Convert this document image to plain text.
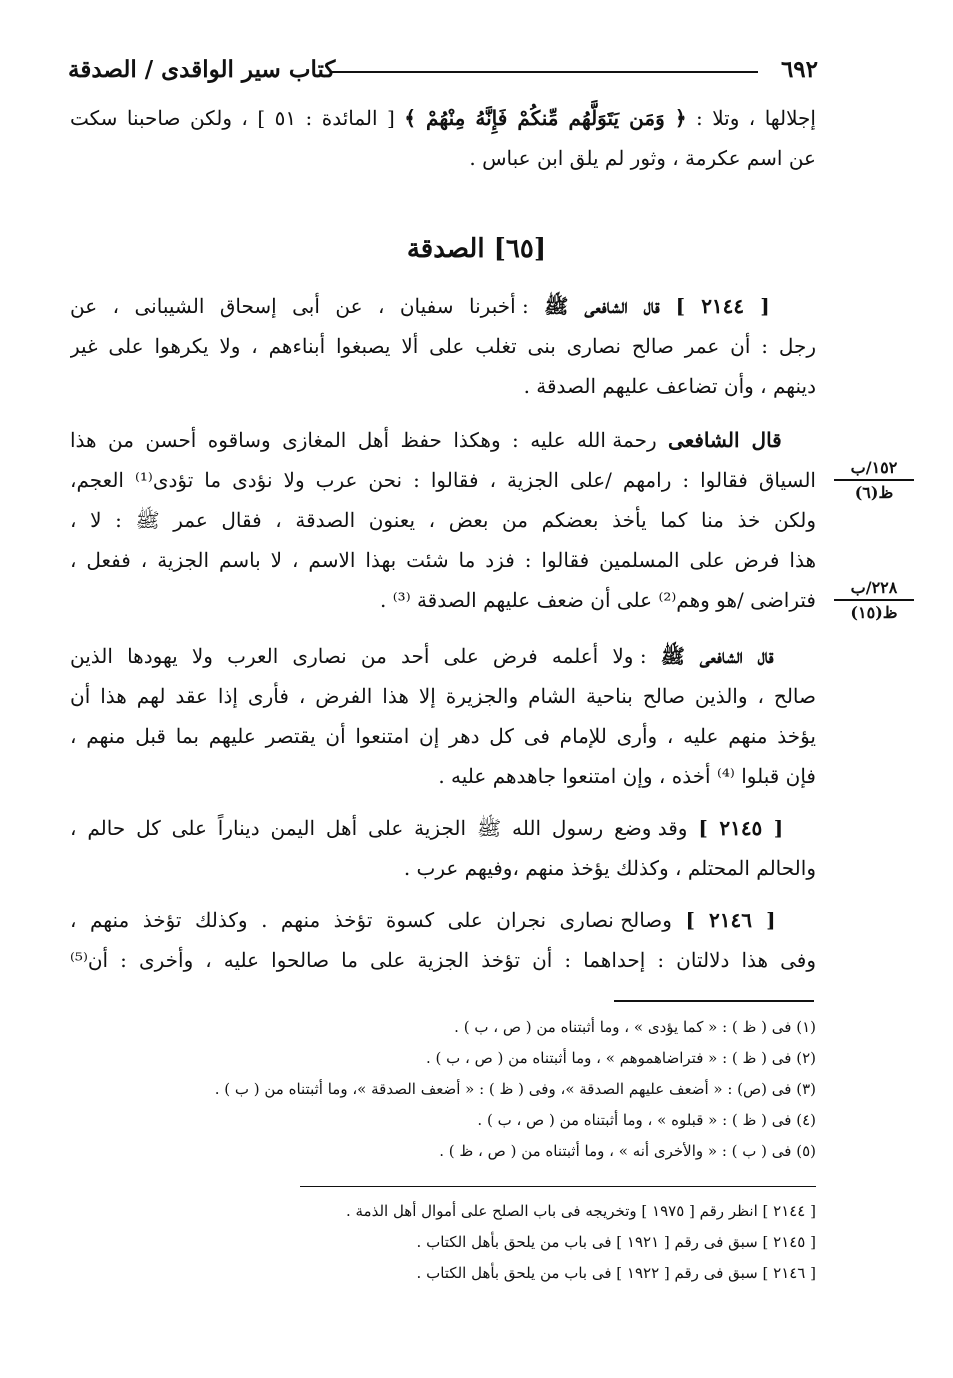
٦٩٢
كتاب سير الواقدى / الصدقة
إجلالها ، وتلا : ﴿ وَمَن يَتَوَلَّهُم مِّنكُمْ فَإِنَّهُ مِنْهُمْ ﴾ [ المائدة : ٥١ ] ، ولكن صاحبنا سكت
عن اسم عكرمة ، وثور لم يلق ابن عباس .
[٦٥] الصدقة
[ ٢١٤٤ ] قال الشافعى ﷺ : أخبرنا سفيان ، عن أبى إسحاق الشيبانى ، عن
رجل : أن عمر صالح نصارى بنى تغلب على ألا يصبغوا أبناءهم ، ولا يكرهوا على غير
دينهم ، وأن تضاعف عليهم الصدقة .
قال الشافعى رحمة الله عليه : وهكذا حفظ أهل المغازى وساقوه أحسن من هذا
السياق فقالوا : رامهم /على الجزية ، فقالوا : نحن عرب ولا نؤدى ما تؤدى⁽¹⁾ العجم،
ولكن خذ منا كما يأخذ بعضكم من بعض ، يعنون الصدقة ، فقال عمر ﷺ : لا ،
هذا فرض على المسلمين فقالوا : فزد ما شئت بهذا الاسم ، لا باسم الجزية ، ففعل ،
فتراضى /هو وهم⁽²⁾ على أن ضعف عليهم الصدقة ⁽³⁾ .
قال الشافعى ﷺ : ولا أعلمه فرض على أحد من نصارى العرب ولا يهودها الذين
صالح ، والذين صالح بناحية الشام والجزيرة إلا هذا الفرض ، فأرى إذا عقد لهم هذا أن
يؤخذ منهم عليه ، وأرى للإمام فى كل دهر إن امتنعوا أن يقتصر عليهم بما قبل منهم ،
فإن قبلوا ⁽⁴⁾ أخذه ، وإن امتنعوا جاهدهم عليه .
[ ٢١٤٥ ] وقد وضع رسول الله ﷺ الجزية على أهل اليمن ديناراً على كل حالم ،
والحالم المحتلم ، وكذلك يؤخذ منهم ،وفيهم عرب .
[ ٢١٤٦ ] وصالح نصارى نجران على كسوة تؤخذ منهم . وكذلك تؤخذ منهم ،
وفى هذا دلالتان : إحداهما : أن تؤخذ الجزية على ما صالحوا عليه ، وأخرى : أن⁽⁵⁾
١٥٢/ب
ظ(٦)
٢٢٨/ب
ظ(١٥)
(١) فى ( ظ ) : « كما يؤدى » ، وما أثبتناه من ( ص ، ب ) .
(٢) فى ( ظ ) : « فتراضاهموهم » ، وما أثبتناه من ( ص ، ب ) .
(٣) فى (ص) : « أضعف عليهم الصدقة »، وفى ( ظ ) : « أضعف الصدقة »، وما أثبتناه من ( ب ) .
(٤) فى ( ظ ) : « قبلوه » ، وما أثبتناه من ( ص ، ب ) .
(٥) فى ( ب ) : « والأخرى أنه » ، وما أثبتناه من ( ص ، ظ ) .
[ ٢١٤٤ ] انظر رقم [ ١٩٧٥ ] وتخريجه فى باب الصلح على أموال أهل الذمة .
[ ٢١٤٥ ] سبق فى رقم [ ١٩٢١ ] فى باب من يلحق بأهل الكتاب .
[ ٢١٤٦ ] سبق فى رقم [ ١٩٢٢ ] فى باب من يلحق بأهل الكتاب .
